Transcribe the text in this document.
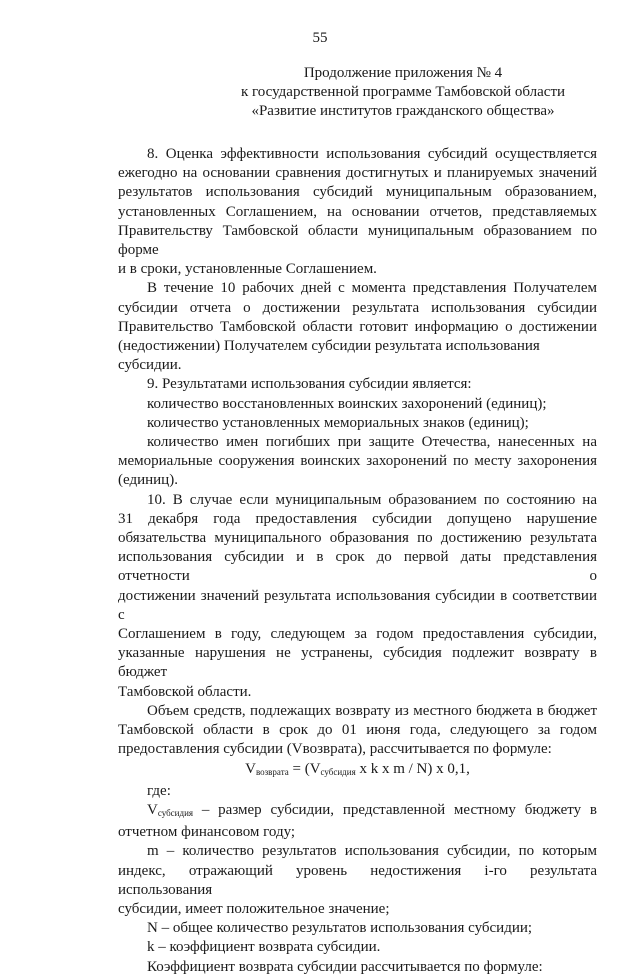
55
Продолжение приложения № 4
к государственной программе Тамбовской области
«Развитие институтов гражданского общества»

8. Оценка эффективности использования субсидий осуществляется

ежегодно на основании сравнения достигнутых и планируемых значений

результатов использования субсидий муниципальным образованием,

установленных Соглашением, на основании отчетов, представляемых

Правительству Тамбовской области муниципальным образованием по форме

и в сроки, установленные Соглашением.

В течение 10 рабочих дней с момента представления Получателем

субсидии отчета о достижении результата использования субсидии

Правительство Тамбовской области готовит информацию о достижении

(недостижении) Получателем субсидии результата использования субсидии.

9. Результатами использования субсидии является:

количество восстановленных воинских захоронений (единиц);

количество установленных мемориальных знаков (единиц);

количество имен погибших при защите Отечества, нанесенных на

мемориальные сооружения воинских захоронений по месту захоронения

(единиц).

10. В случае если муниципальным образованием по состоянию на

31 декабря года предоставления субсидии допущено нарушение

обязательства муниципального образования по достижению результата

использования субсидии и в срок до первой даты представления отчетности о

достижении значений результата использования субсидии в соответствии с

Соглашением в году, следующем за годом предоставления субсидии,

указанные нарушения не устранены, субсидия подлежит возврату в бюджет

Тамбовской области.

Объем средств, подлежащих возврату из местного бюджета в бюджет

Тамбовской области в срок до 01 июня года, следующего за годом

предоставления субсидии (Vвозврата), рассчитывается по формуле:

$V_{возврата} = (V_{субсидия}$ x k x m / N) x 0,1,

где:

$V_{субсидия}$ – размер субсидии, представленной местному бюджету в

отчетном финансовом году;

m – количество результатов использования субсидии, по которым

индекс, отражающий уровень недостижения i-го результата использования

субсидии, имеет положительное значение;

N – общее количество результатов использования субсидии;

k – коэффициент возврата субсидии.

Коэффициент возврата субсидии рассчитывается по формуле:
